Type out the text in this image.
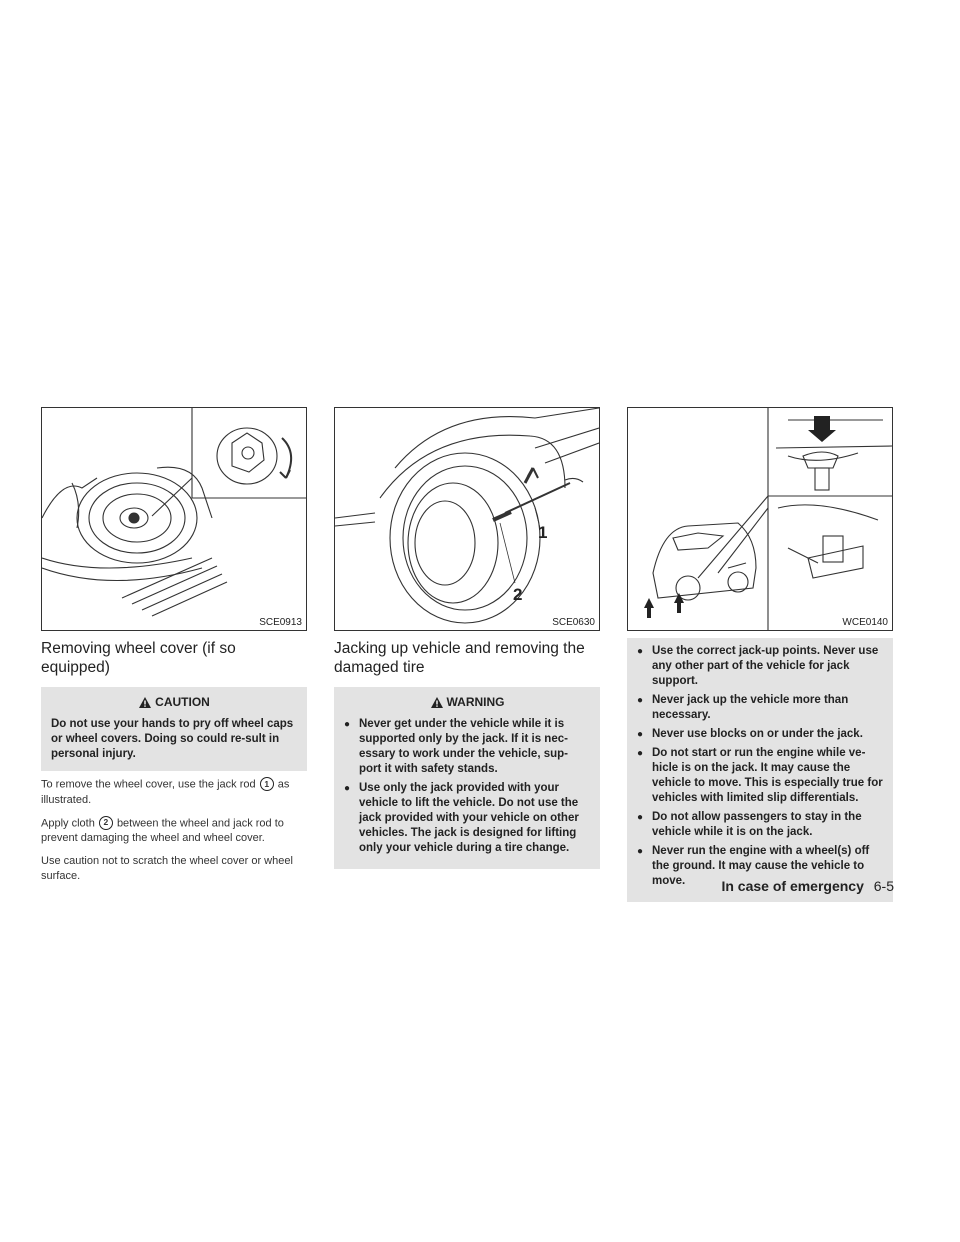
SCE0913
Removing wheel cover (if so equipped)
CAUTION
Do not use your hands to pry off wheel caps or wheel covers. Doing so could re-sult in personal injury.

To remove the wheel cover, use the jack rod 1 as illustrated.

Apply cloth 2 between the wheel and jack rod to prevent damaging the wheel and wheel cover.

Use caution not to scratch the wheel cover or wheel surface.

1
2
SCE0630
Jacking up vehicle and removing the damaged tire
WARNING
● Never get under the vehicle while it is supported only by the jack. If it is nec-essary to work under the vehicle, sup-port it with safety stands.
● Use only the jack provided with your vehicle to lift the vehicle. Do not use the jack provided with your vehicle on other vehicles. The jack is designed for lifting only your vehicle during a tire change.
WCE0140
● Use the correct jack-up points. Never use any other part of the vehicle for jack support.
● Never jack up the vehicle more than necessary.
● Never use blocks on or under the jack.
● Do not start or run the engine while ve-hicle is on the jack. It may cause the vehicle to move. This is especially true for vehicles with limited slip differentials.
● Do not allow passengers to stay in the vehicle while it is on the jack.
● Never run the engine with a wheel(s) off the ground. It may cause the vehicle to move.	In case of emergency 6-5
